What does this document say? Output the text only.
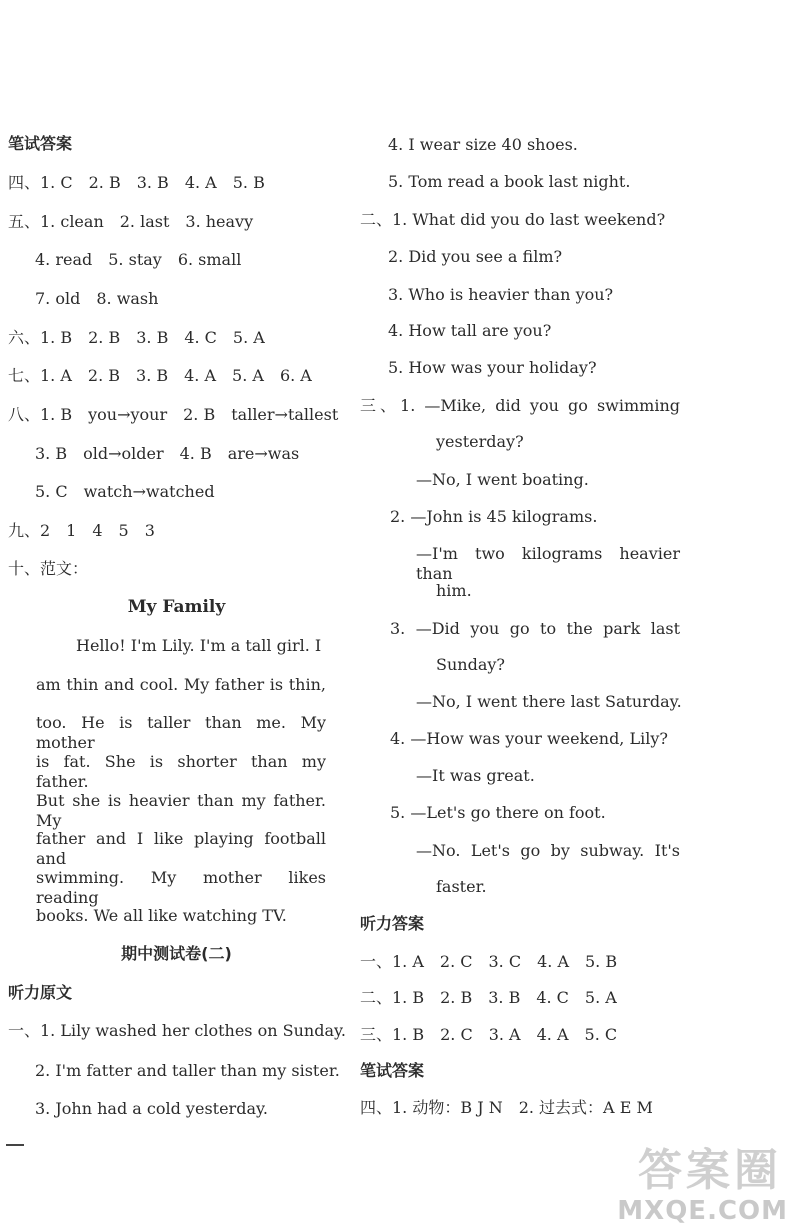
笔试答案
四、1. C　2. B　3. B　4. A　5. B
五、1. clean　2. last　3. heavy
4. read　5. stay　6. small
7. old　8. wash
六、1. B　2. B　3. B　4. C　5. A
七、1. A　2. B　3. B　4. A　5. A　6. A
八、1. B　you→your　2. B　taller→tallest
3. B　old→older　4. B　are→was
5. C　watch→watched
九、2　1　4　5　3
十、范文：
My Family
Hello! I'm Lily. I'm a tall girl. I
am thin and cool. My father is thin,
too. He is taller than me. My mother
is fat. She is shorter than my father.
But she is heavier than my father. My
father and I like playing football and
swimming. My mother likes reading
books. We all like watching TV.
期中测试卷(二)
听力原文
一、1. Lily washed her clothes on Sunday.
2. I'm fatter and taller than my sister.
3. John had a cold yesterday.
4. I wear size 40 shoes.
5. Tom read a book last night.
二、1. What did you do last weekend?
2. Did you see a film?
3. Who is heavier than you?
4. How tall are you?
5. How was your holiday?
三、1. —Mike, did you go swimming
yesterday?
—No, I went boating.
2. —John is 45 kilograms.
—I'm two kilograms heavier than
him.
3. —Did you go to the park last
Sunday?
—No, I went there last Saturday.
4. —How was your weekend, Lily?
—It was great.
5. —Let's go there on foot.
—No. Let's go by subway. It's
faster.
听力答案
一、1. A　2. C　3. C　4. A　5. B
二、1. B　2. B　3. B　4. C　5. A
三、1. B　2. C　3. A　4. A　5. C
笔试答案
四、1. 动物：B J N　2. 过去式：A E M
答案圈
MXQE.COM
